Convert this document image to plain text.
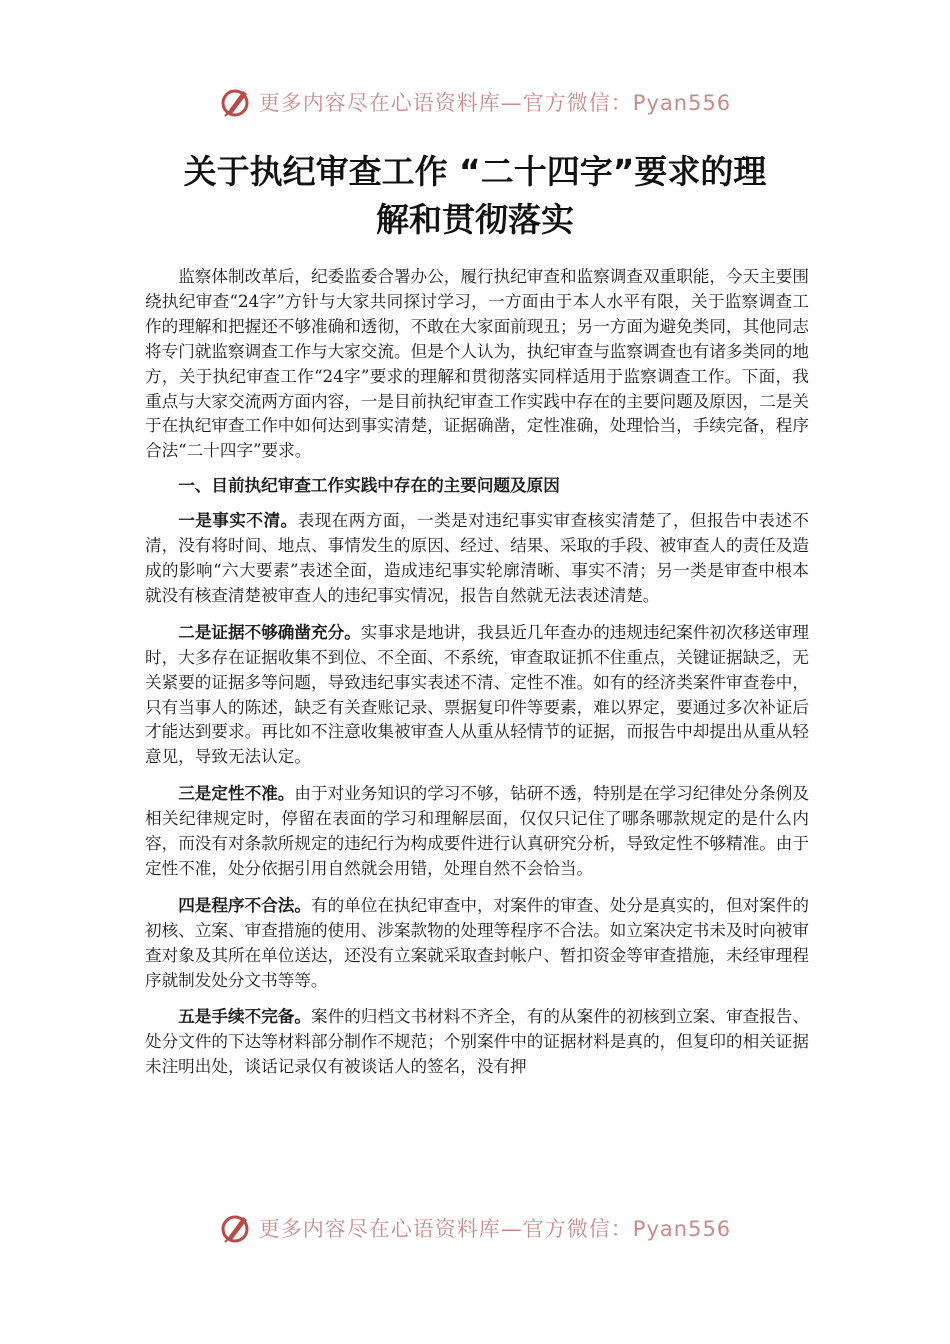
更多内容尽在心语资料库—官方微信：Pyan556
关于执纪审查工作 “二十四字”要求的理
解和贯彻落实

监察体制改革后，纪委监委合署办公，履行执纪审查和监察调查双重职能，今天主要围绕执纪审查“24字”方针与大家共同探讨学习，一方面由于本人水平有限，关于监察调查工作的理解和把握还不够准确和透彻，不敢在大家面前现丑；另一方面为避免类同，其他同志将专门就监察调查工作与大家交流。但是个人认为，执纪审查与监察调查也有诸多类同的地方，关于执纪审查工作“24字”要求的理解和贯彻落实同样适用于监察调查工作。下面，我重点与大家交流两方面内容，一是目前执纪审查工作实践中存在的主要问题及原因，二是关于在执纪审查工作中如何达到事实清楚，证据确凿，定性准确，处理恰当，手续完备，程序合法“二十四字”要求。

一、目前执纪审查工作实践中存在的主要问题及原因

一是事实不清。表现在两方面，一类是对违纪事实审查核实清楚了，但报告中表述不清，没有将时间、地点、事情发生的原因、经过、结果、采取的手段、被审查人的责任及造成的影响“六大要素”表述全面，造成违纪事实轮廓清晰、事实不清；另一类是审查中根本就没有核查清楚被审查人的违纪事实情况，报告自然就无法表述清楚。

二是证据不够确凿充分。实事求是地讲，我县近几年查办的违规违纪案件初次移送审理时，大多存在证据收集不到位、不全面、不系统，审查取证抓不住重点，关键证据缺乏，无关紧要的证据多等问题，导致违纪事实表述不清、定性不准。如有的经济类案件审查卷中，只有当事人的陈述，缺乏有关查账记录、票据复印件等要素，难以界定，要通过多次补证后才能达到要求。再比如不注意收集被审查人从重从轻情节的证据，而报告中却提出从重从轻意见，导致无法认定。

三是定性不准。由于对业务知识的学习不够，钻研不透，特别是在学习纪律处分条例及相关纪律规定时，停留在表面的学习和理解层面，仅仅只记住了哪条哪款规定的是什么内容，而没有对条款所规定的违纪行为构成要件进行认真研究分析，导致定性不够精准。由于定性不准，处分依据引用自然就会用错，处理自然不会恰当。

四是程序不合法。有的单位在执纪审查中，对案件的审查、处分是真实的，但对案件的初核、立案、审查措施的使用、涉案款物的处理等程序不合法。如立案决定书未及时向被审查对象及其所在单位送达，还没有立案就采取查封帐户、暂扣资金等审查措施，未经审理程序就制发处分文书等等。

五是手续不完备。案件的归档文书材料不齐全，有的从案件的初核到立案、审查报告、处分文件的下达等材料部分制作不规范；个别案件中的证据材料是真的，但复印的相关证据未注明出处，谈话记录仅有被谈话人的签名，没有押

更多内容尽在心语资料库—官方微信：Pyan556
